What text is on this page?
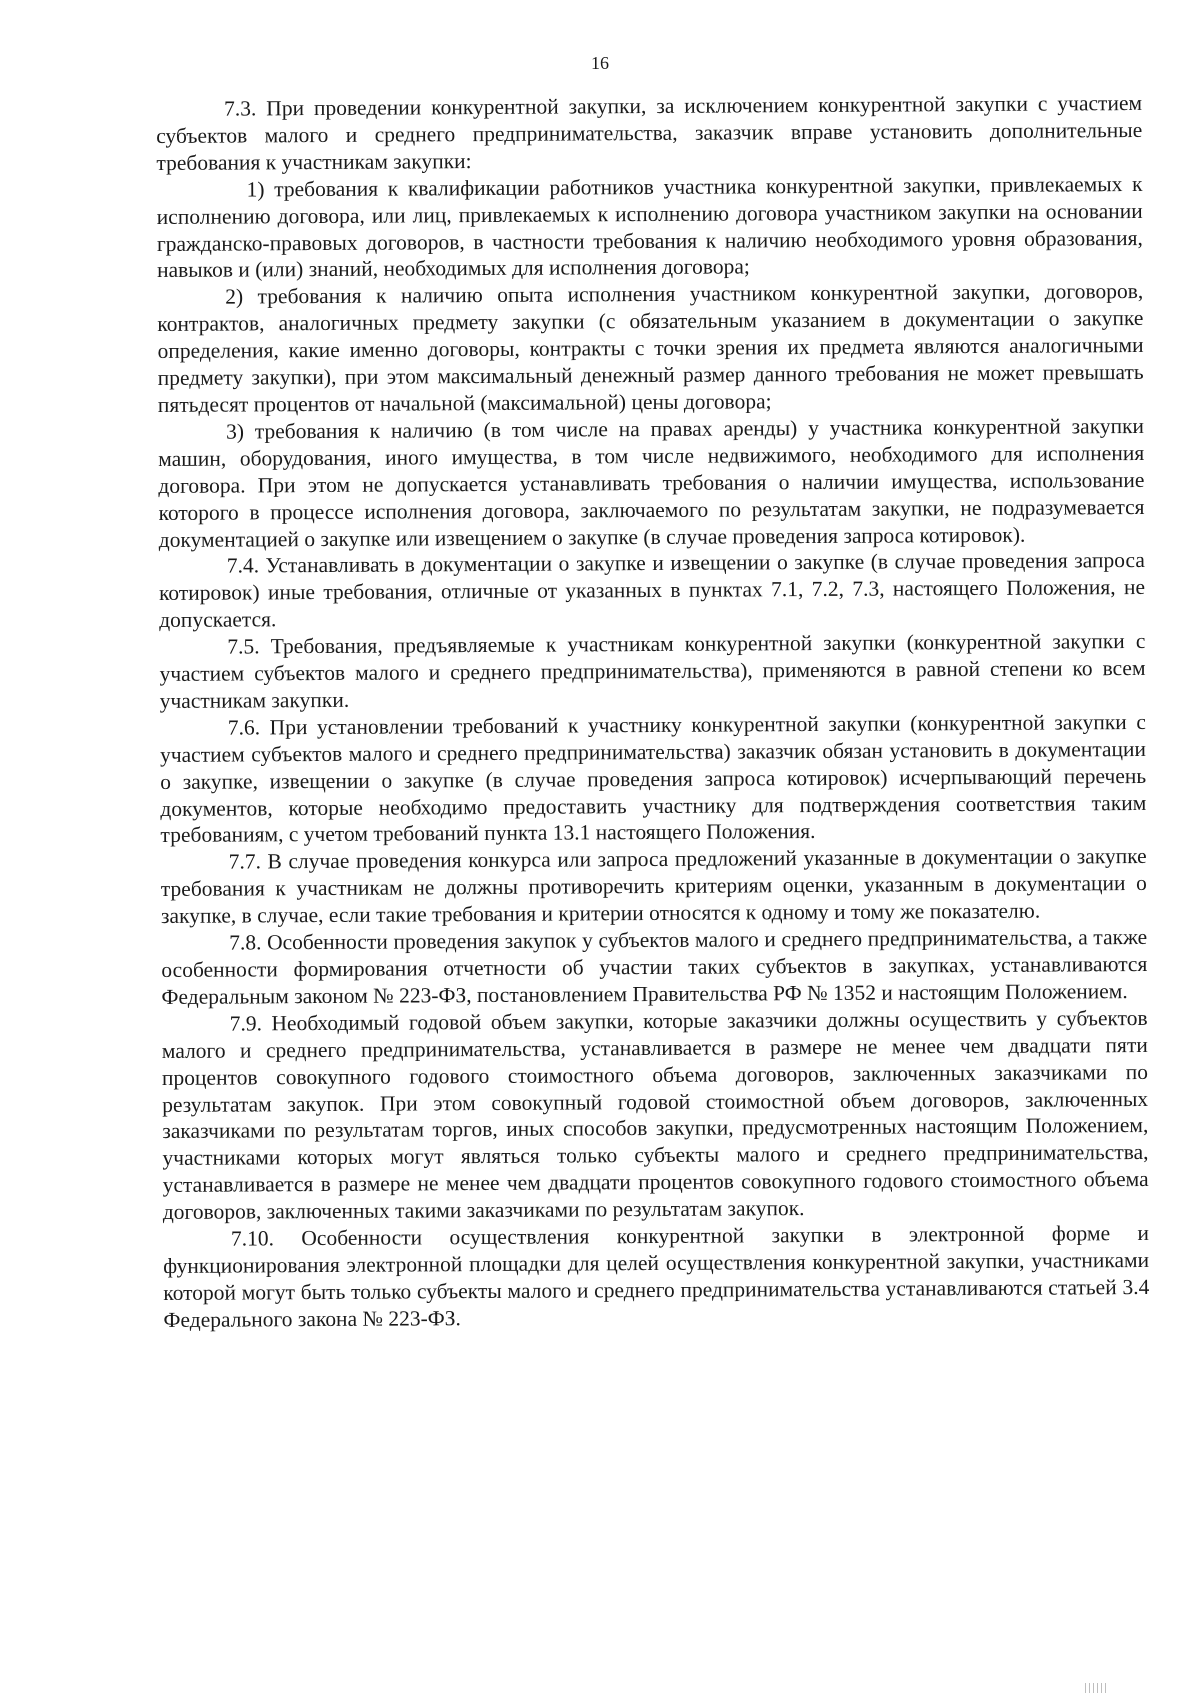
16

7.3. При проведении конкурентной закупки, за исключением конкурентной закупки с участием субъектов малого и среднего предпринимательства, заказчик вправе установить дополнительные требования к участникам закупки:

1) требования к квалификации работников участника конкурентной закупки, привлекаемых к исполнению договора, или лиц, привлекаемых к исполнению договора участником закупки на основании гражданско-правовых договоров, в частности требования к наличию необходимого уровня образования, навыков и (или) знаний, необходимых для исполнения договора;

2) требования к наличию опыта исполнения участником конкурентной закупки, договоров, контрактов, аналогичных предмету закупки (с обязательным указанием в документации о закупке определения, какие именно договоры, контракты с точки зрения их предмета являются аналогичными предмету закупки), при этом максимальный денежный размер данного требования не может превышать пятьдесят процентов от начальной (максимальной) цены договора;

3) требования к наличию (в том числе на правах аренды) у участника конкурентной закупки машин, оборудования, иного имущества, в том числе недвижимого, необходимого для исполнения договора. При этом не допускается устанавливать требования о наличии имущества, использование которого в процессе исполнения договора, заключаемого по результатам закупки, не подразумевается документацией о закупке или извещением о закупке (в случае проведения запроса котировок).

7.4. Устанавливать в документации о закупке и извещении о закупке (в случае проведения запроса котировок) иные требования, отличные от указанных в пунктах 7.1, 7.2, 7.3, настоящего Положения, не допускается.

7.5. Требования, предъявляемые к участникам конкурентной закупки (конкурентной закупки с участием субъектов малого и среднего предпринимательства), применяются в равной степени ко всем участникам закупки.

7.6. При установлении требований к участнику конкурентной закупки (конкурентной закупки с участием субъектов малого и среднего предпринимательства) заказчик обязан установить в документации о закупке, извещении о закупке (в случае проведения запроса котировок) исчерпывающий перечень документов, которые необходимо предоставить участнику для подтверждения соответствия таким требованиям, с учетом требований пункта 13.1 настоящего Положения.

7.7. В случае проведения конкурса или запроса предложений указанные в документации о закупке требования к участникам не должны противоречить критериям оценки, указанным в документации о закупке, в случае, если такие требования и критерии относятся к одному и тому же показателю.

7.8. Особенности проведения закупок у субъектов малого и среднего предпринимательства, а также особенности формирования отчетности об участии таких субъектов в закупках, устанавливаются Федеральным законом № 223-ФЗ, постановлением Правительства РФ № 1352 и настоящим Положением.

7.9. Необходимый годовой объем закупки, которые заказчики должны осуществить у субъектов малого и среднего предпринимательства, устанавливается в размере не менее чем двадцати пяти процентов совокупного годового стоимостного объема договоров, заключенных заказчиками по результатам закупок. При этом совокупный годовой стоимостной объем договоров, заключенных заказчиками по результатам торгов, иных способов закупки, предусмотренных настоящим Положением, участниками которых могут являться только субъекты малого и среднего предпринимательства, устанавливается в размере не менее чем двадцати процентов совокупного годового стоимостного объема договоров, заключенных такими заказчиками по результатам закупок.

7.10. Особенности осуществления конкурентной закупки в электронной форме и функционирования электронной площадки для целей осуществления конкурентной закупки, участниками которой могут быть только субъекты малого и среднего предпринимательства устанавливаются статьей 3.4 Федерального закона № 223-ФЗ.
